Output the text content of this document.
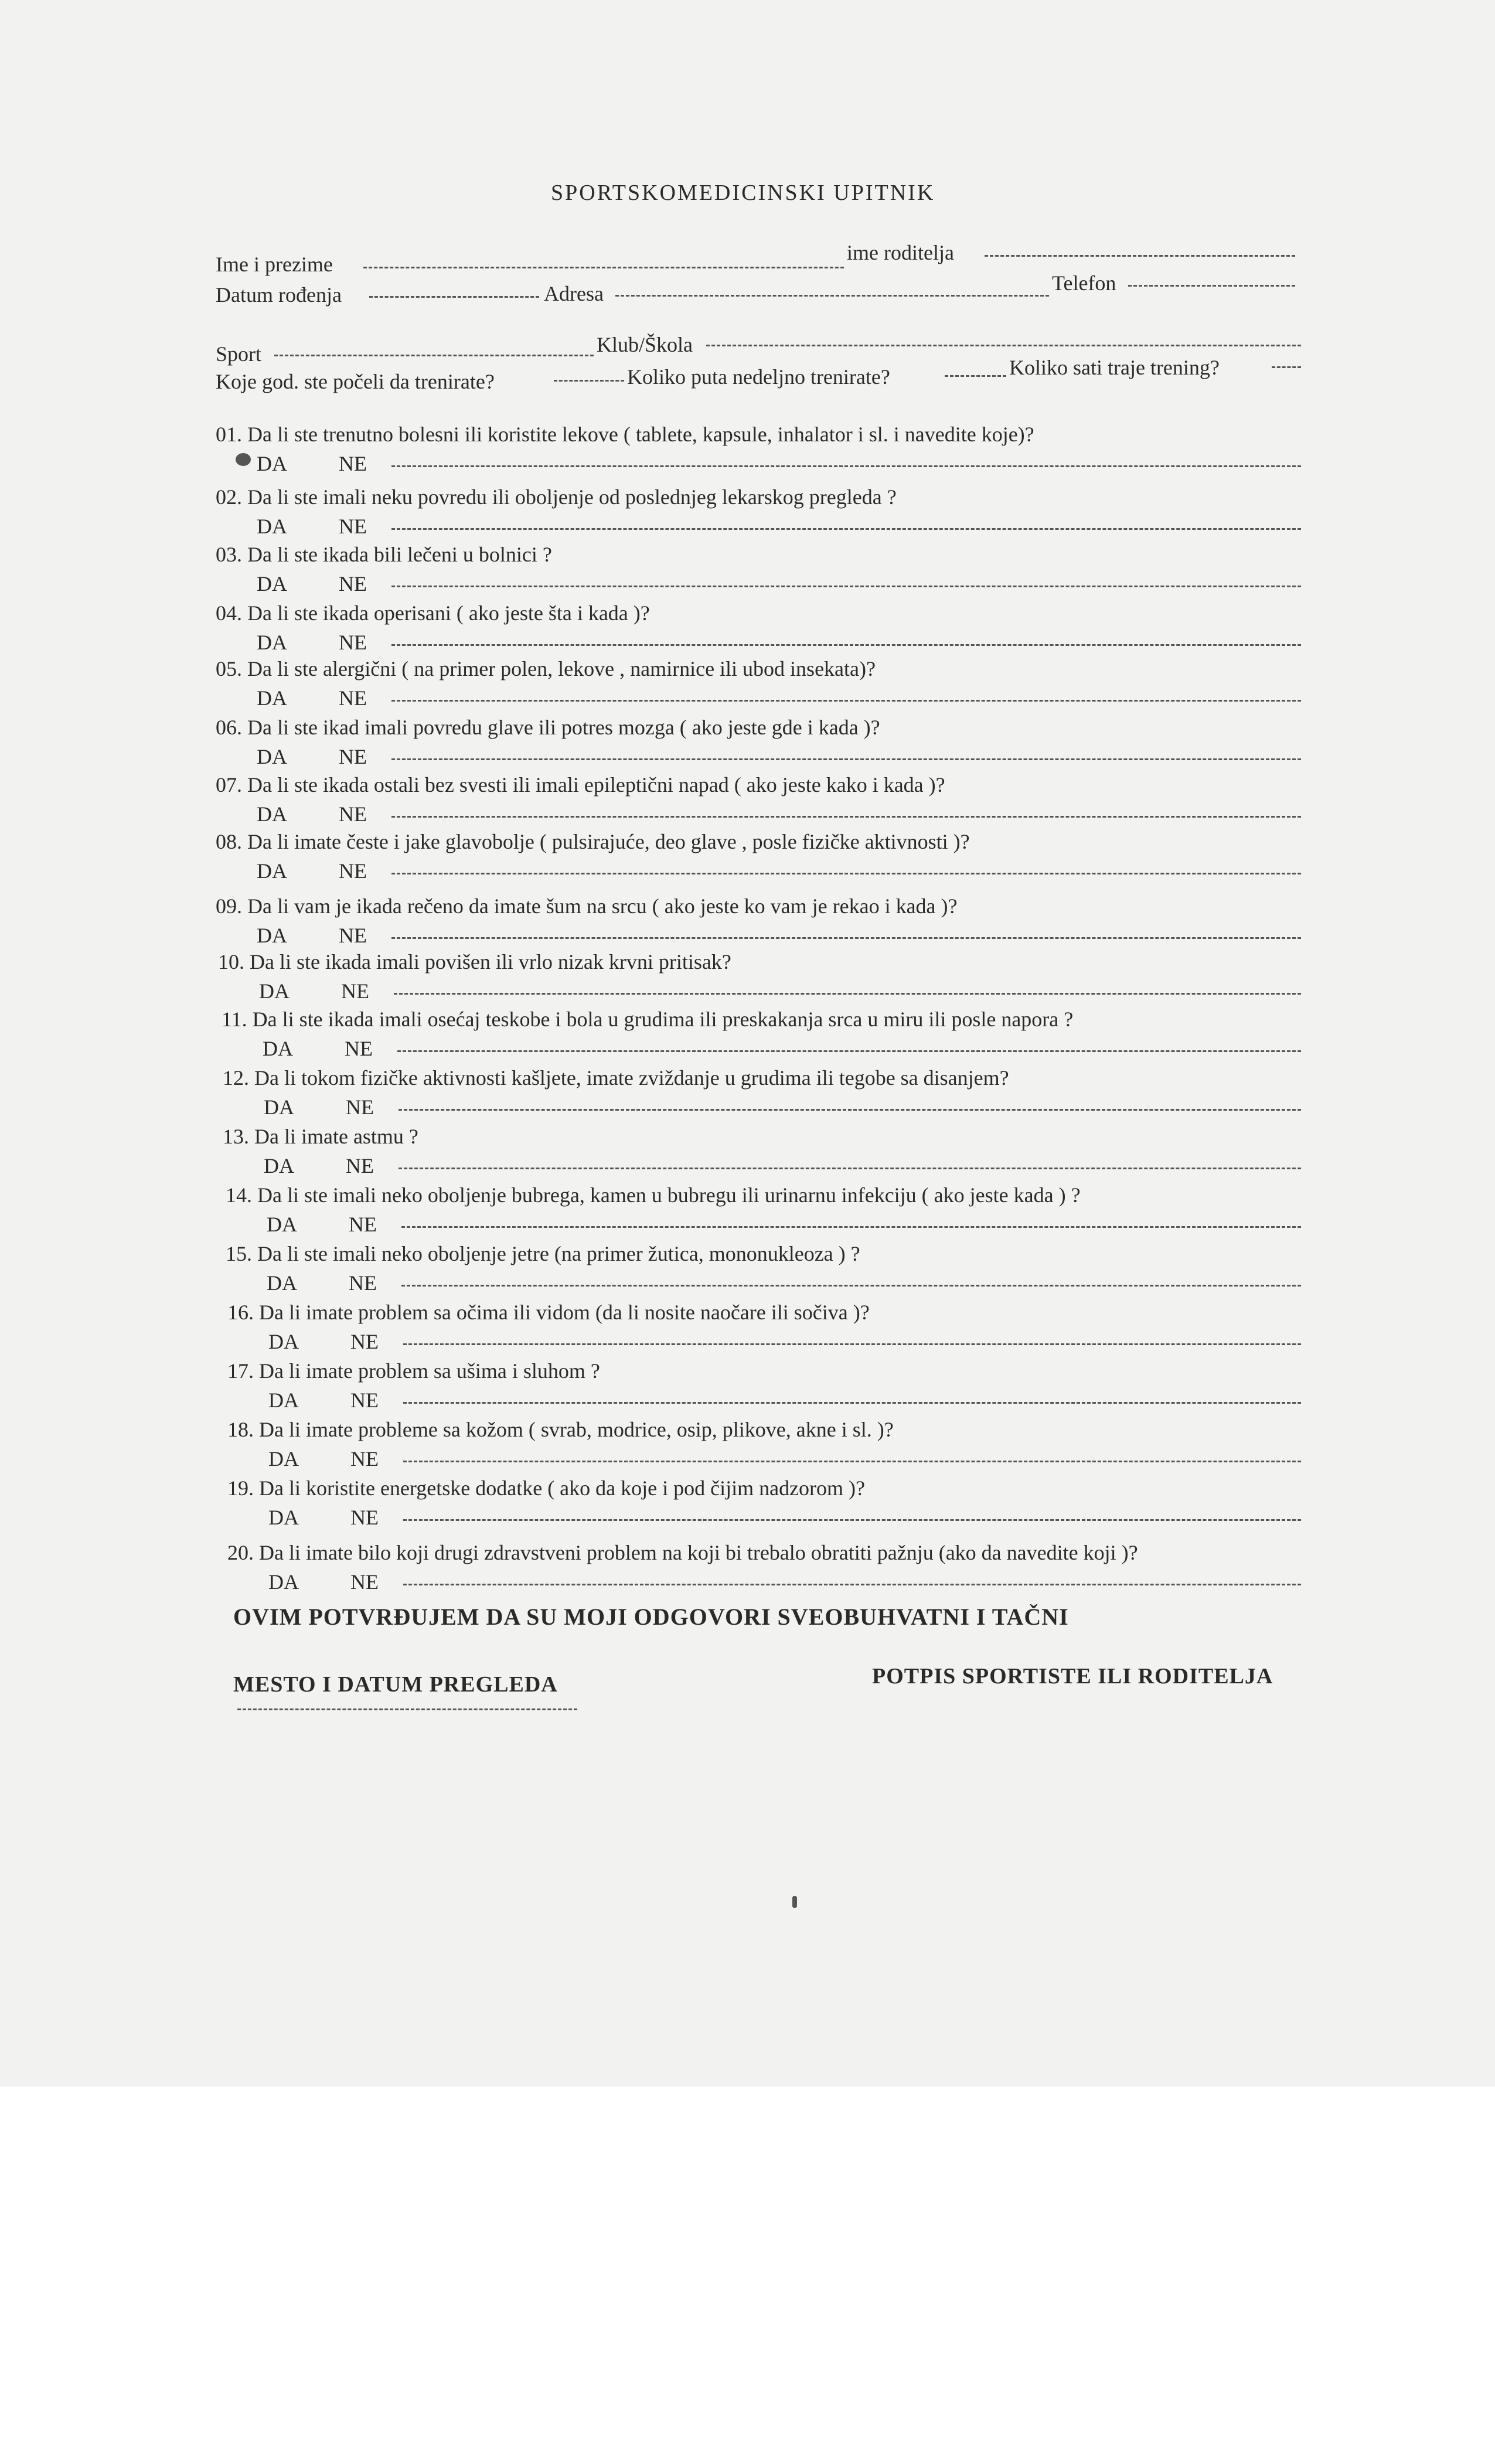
SPORTSKOMEDICINSKI UPITNIK
Ime i prezime	ime roditelja
Datum rođenja	Adresa	Telefon
Sport	Klub/Škola
Koje god. ste počeli da trenirate?	Koliko puta nedeljno trenirate?	Koliko sati traje trening?
01. Da li ste trenutno bolesni ili koristite lekove ( tablete, kapsule, inhalator i sl. i navedite koje)?
DA NE
02. Da li ste imali neku povredu ili oboljenje od poslednjeg lekarskog pregleda ?
DA NE
03. Da li ste ikada bili lečeni u bolnici ?
DA NE
04. Da li ste ikada operisani ( ako jeste šta i kada )?
DA NE
05. Da li ste alergični ( na primer polen, lekove , namirnice ili ubod insekata)?
DA NE
06. Da li ste ikad imali povredu glave ili potres mozga ( ako jeste gde i kada )?
DA NE
07. Da li ste ikada ostali bez svesti ili imali epileptični napad ( ako jeste kako i kada )?
DA NE
08. Da li imate česte i jake glavobolje ( pulsirajuće, deo glave , posle fizičke aktivnosti )?
DA NE
09. Da li vam je ikada rečeno da imate šum na srcu ( ako jeste ko vam je rekao i kada )?
DA NE
10. Da li ste ikada imali povišen ili vrlo nizak krvni pritisak?
DA NE
11. Da li ste ikada imali osećaj teskobe i bola u grudima ili preskakanja srca u miru ili posle napora ?
DA NE
12. Da li tokom fizičke aktivnosti kašljete, imate zviždanje u grudima ili tegobe sa disanjem?
DA NE
13. Da li imate astmu ?
DA NE
14. Da li ste imali neko oboljenje bubrega, kamen u bubregu ili urinarnu infekciju ( ako jeste kada ) ?
DA NE
15. Da li ste imali neko oboljenje jetre (na primer žutica, mononukleoza ) ?
DA NE
16. Da li imate problem sa očima ili vidom (da li nosite naočare ili sočiva )?
DA NE
17. Da li imate problem sa ušima i sluhom ?
DA NE
18. Da li imate probleme sa kožom ( svrab, modrice, osip, plikove, akne i sl. )?
DA NE
19. Da li koristite energetske dodatke ( ako da koje i pod čijim nadzorom )?
DA NE
20. Da li imate bilo koji drugi zdravstveni problem na koji bi trebalo obratiti pažnju (ako da navedite koji )?
DA NE
OVIM POTVRĐUJEM DA SU MOJI ODGOVORI SVEOBUHVATNI I TAČNI
MESTO I DATUM PREGLEDA	POTPIS SPORTISTE ILI RODITELJA
